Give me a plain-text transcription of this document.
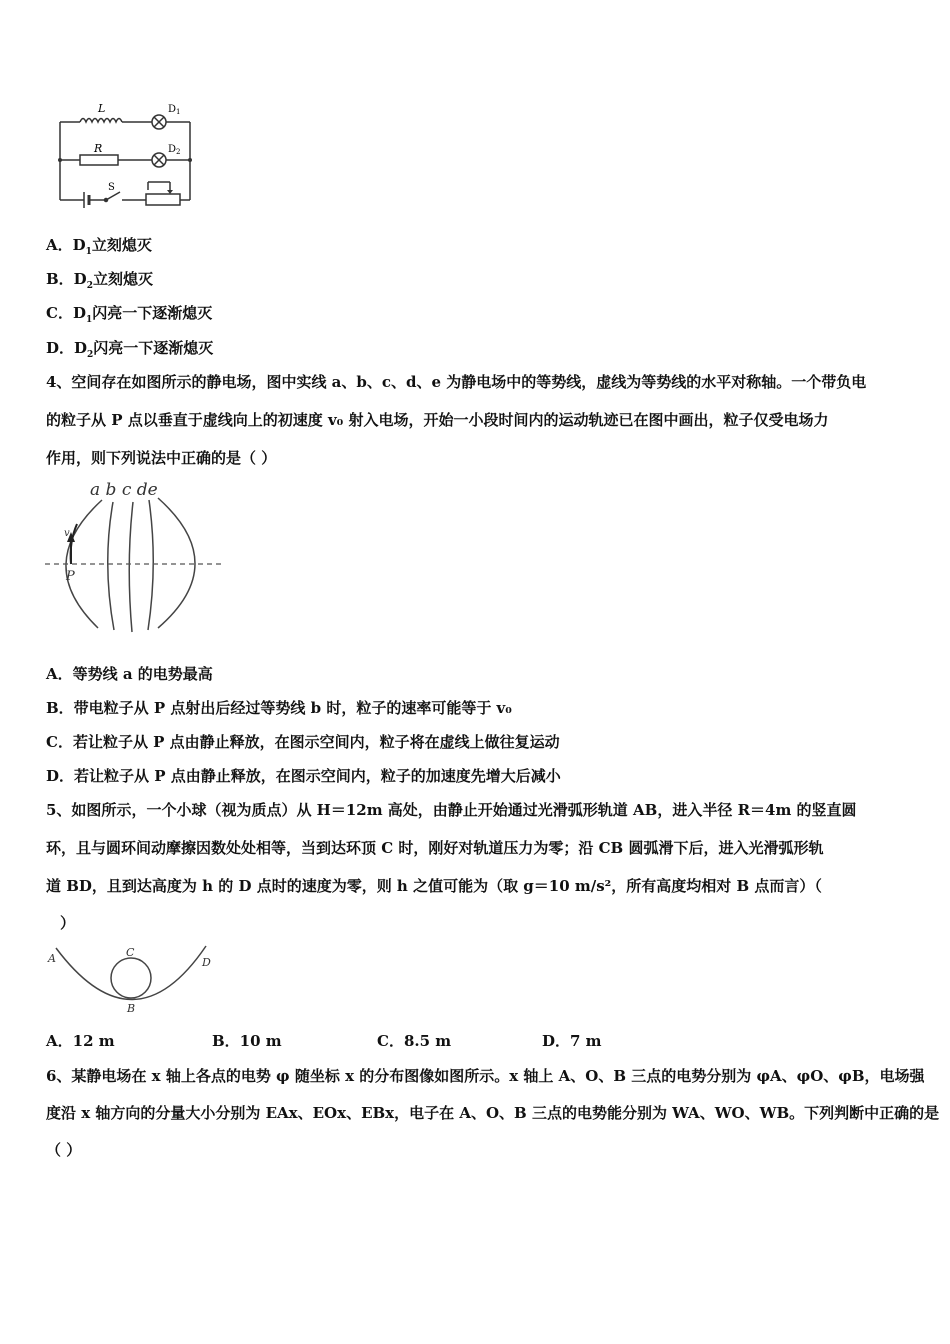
L	$D_1$
R	$D_2$
S
A．$D_1$立刻熄灭
B．$D_2$立刻熄灭
C．$D_1$闪亮一下逐渐熄灭
D．$D_2$闪亮一下逐渐熄灭
4、空间存在如图所示的静电场，图中实线 a、b、c、d、e 为静电场中的等势线，虚线为等势线的水平对称轴。一个带负电
的粒子从 P 点以垂直于虚线向上的初速度 v₀ 射入电场，开始一小段时间内的运动轨迹已在图中画出，粒子仅受电场力
作用，则下列说法中正确的是（ ）
a b c de
v
P
A．等势线 a 的电势最高
B．带电粒子从 P 点射出后经过等势线 b 时，粒子的速率可能等于 v₀
C．若让粒子从 P 点由静止释放，在图示空间内，粒子将在虚线上做往复运动
D．若让粒子从 P 点由静止释放，在图示空间内，粒子的加速度先增大后减小
5、如图所示，一个小球（视为质点）从 H＝12m 高处，由静止开始通过光滑弧形轨道 AB，进入半径 R＝4m 的竖直圆
环，且与圆环间动摩擦因数处处相等，当到达环顶 C 时，刚好对轨道压力为零；沿 CB 圆弧滑下后，进入光滑弧形轨
道 BD，且到达高度为 h 的 D 点时的速度为零，则 h 之值可能为（取 g＝10 m/s²，所有高度均相对 B 点而言）（
）
A	C
D
B
A．12 m	B．10 m	C．8.5 m	D．7 m
6、某静电场在 x 轴上各点的电势 φ 随坐标 x 的分布图像如图所示。x 轴上 A、O、B 三点的电势分别为 φA、φO、φB，电场强
度沿 x 轴方向的分量大小分别为 EAx、EOx、EBx，电子在 A、O、B 三点的电势能分别为 WA、WO、WB。下列判断中正确的是
（ ）
